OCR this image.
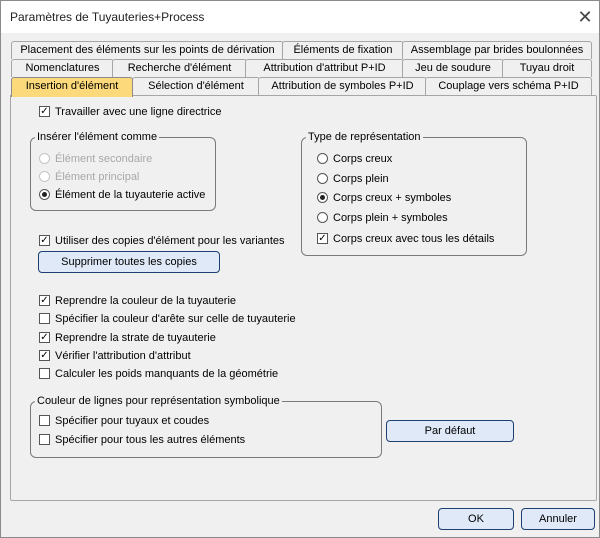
Paramètres de Tuyauteries+Process	✕
Placement des éléments sur les points de dérivation	Éléments de fixation	Assemblage par brides boulonnées
Nomenclatures	Recherche d'élément	Attribution d'attribut P+ID	Jeu de soudure	Tuyau droit
Insertion d'élément	Sélection d'élément	Attribution de symboles P+ID	Couplage vers schéma P+ID
✓ Travailler avec une ligne directrice
Insérer l'élément comme
Élément secondaire
Élément principal
Élément de la tuyauterie active
Type de représentation
Corps creux
Corps plein
Corps creux + symboles
Corps plein + symboles
✓ Corps creux avec tous les détails
✓ Utiliser des copies d'élément pour les variantes
Supprimer toutes les copies
✓ Reprendre la couleur de la tuyauterie
Spécifier la couleur d'arête sur celle de tuyauterie
✓ Reprendre la strate de tuyauterie
✓ Vérifier l'attribution d'attribut
Calculer les poids manquants de la géométrie
Couleur de lignes pour représentation symbolique
Spécifier pour tuyaux et coudes
Spécifier pour tous les autres éléments
Par défaut
OK	Annuler
